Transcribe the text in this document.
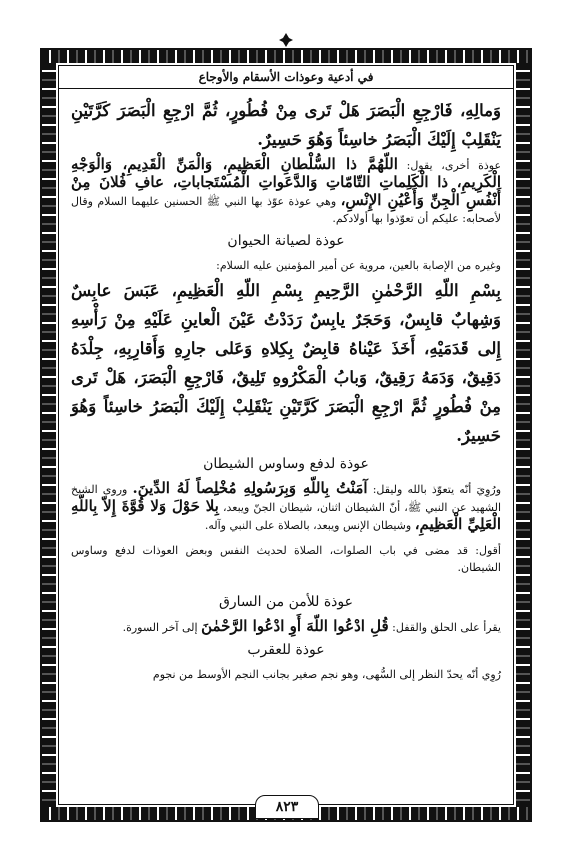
في أدعية وعوذات الأسقام والأوجاع

وَمالِهِ، فَارْجِعِ الْبَصَرَ هَلْ تَرى مِنْ فُطُورٍ، ثُمَّ ارْجِعِ الْبَصَرَ كَرَّتَيْنِ يَنْقَلِبْ إِلَيْكَ الْبَصَرُ خاسِئاً وَهُوَ حَسِيرٌ.

عوذة أخرى، يقول: اللّهُمَّ ذا السُّلْطانِ الْعَظِيمِ، وَالْمَنِّ الْقَدِيمِ، وَالْوَجْهِ الْكَرِيمِ، ذا الْكَلِماتِ التّامّاتِ وَالدَّعَواتِ الْمُسْتَجاباتِ، عافِ فُلانَ مِنْ أَنْفُسِ الْجِنِّ وَأَعْيُنِ الإِنْسِ، وهي عوذة عوّذ بها النبي ﷺ الحسنين عليهما السلام وقال لأصحابه: عليكم أن تعوّذوا بها أولادكم.

عوذة لصيانة الحيوان

وغيره من الإصابة بالعين، مروية عن أمير المؤمنين عليه السلام:

بِسْمِ اللّهِ الرَّحْمٰنِ الرَّحِيمِ بِسْمِ اللّهِ الْعَظِيمِ، عَبَسَ عابِسٌ وَشِهابٌ قابِسٌ، وَحَجَرٌ يابِسٌ رَدَدْتُ عَيْنَ الْعاينِ عَلَيْهِ مِنْ رَأْسِهِ إِلى قَدَمَيْهِ، أَخَذَ عَيْناهُ قابِضٌ بِكِلاهِ وَعَلى جارِهِ وَأَقارِبِهِ، جِلْدَهُ دَقِيقٌ، وَدَمَهُ رَقِيقٌ، وَبابُ الْمَكْرُوهِ تَلِيقٌ، فَارْجِعِ الْبَصَرَ، هَلْ تَرى مِنْ فُطُورٍ ثُمَّ ارْجِعِ الْبَصَرَ كَرَّتَيْنِ يَنْقَلِبْ إِلَيْكَ الْبَصَرُ خاسِئاً وَهُوَ حَسِيرٌ.

عوذة لدفع وساوس الشيطان

ورُوِيَ أنّه يتعوّذ بالله وليقل: آمَنْتُ بِاللّهِ وَبِرَسُولِهِ مُخْلِصاً لَهُ الدِّينَ. وروى الشيخ الشهيد عن النبي ﷺ، أنّ الشيطان اثنان، شيطان الجنّ ويبعد، بِلا حَوْلَ وَلا قُوَّةَ إِلاّ بِاللّهِ الْعَلِيِّ الْعَظِيمِ، وشيطان الإنس ويبعد، بالصلاة على النبي وآله.

أقول: قد مضى في باب الصلوات، الصلاة لحديث النفس وبعض العوذات لدفع وساوس الشيطان.

عوذة للأمن من السارق

يقرأ على الحلق والقفل: قُلِ ادْعُوا اللّهَ أَوِ ادْعُوا الرَّحْمٰنَ إلى آخر السورة.

عوذة للعقرب

رُوِي أنّه يحدّ النظر إلى السُّهى، وهو نجم صغير بجانب النجم الأوسط من نجوم

٨٢٣
